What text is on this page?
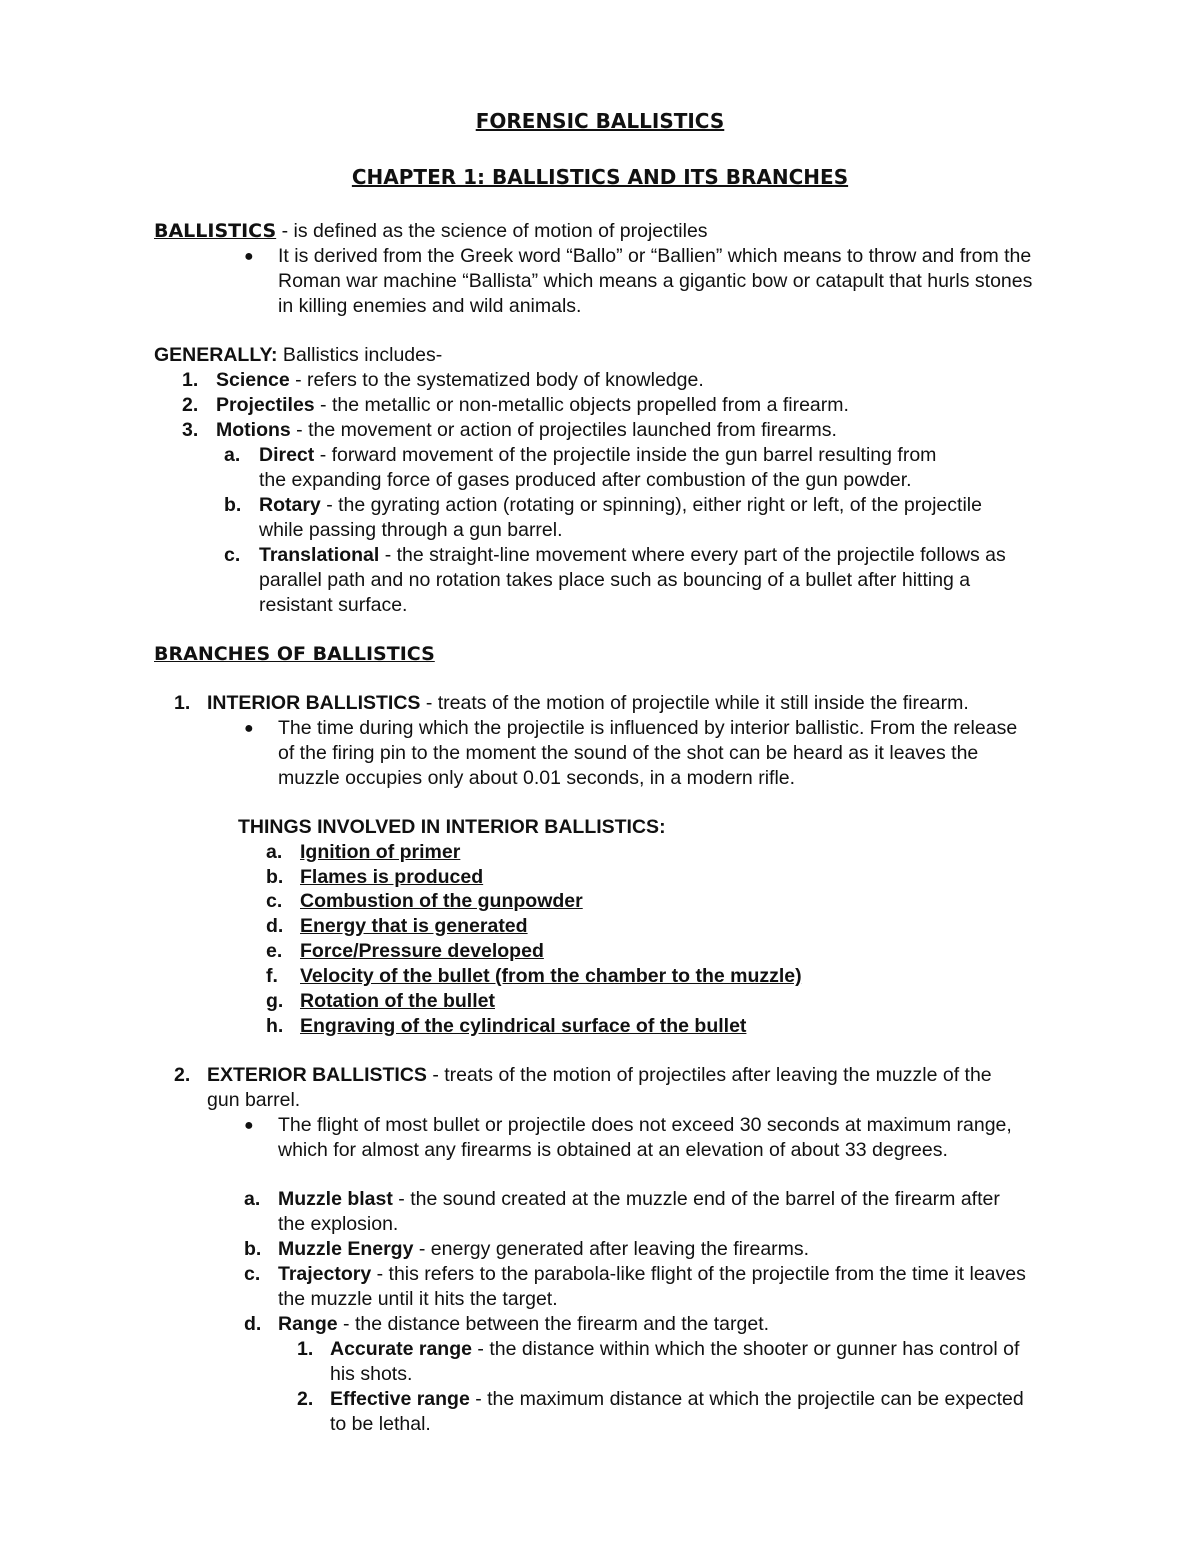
FORENSIC BALLISTICS
CHAPTER 1: BALLISTICS AND ITS BRANCHES
BALLISTICS - is defined as the science of motion of projectiles
● It is derived from the Greek word “Ballo” or “Ballien” which means to throw and from the
Roman war machine “Ballista” which means a gigantic bow or catapult that hurls stones
in killing enemies and wild animals.
GENERALLY: Ballistics includes-
1. Science - refers to the systematized body of knowledge.
2. Projectiles - the metallic or non-metallic objects propelled from a firearm.
3. Motions - the movement or action of projectiles launched from firearms.
a. Direct - forward movement of the projectile inside the gun barrel resulting from
the expanding force of gases produced after combustion of the gun powder.
b. Rotary - the gyrating action (rotating or spinning), either right or left, of the projectile
while passing through a gun barrel.
c. Translational - the straight-line movement where every part of the projectile follows as
parallel path and no rotation takes place such as bouncing of a bullet after hitting a
resistant surface.
BRANCHES OF BALLISTICS
1. INTERIOR BALLISTICS - treats of the motion of projectile while it still inside the firearm.
● The time during which the projectile is influenced by interior ballistic. From the release
of the firing pin to the moment the sound of the shot can be heard as it leaves the
muzzle occupies only about 0.01 seconds, in a modern rifle.
THINGS INVOLVED IN INTERIOR BALLISTICS:
a. Ignition of primer
b. Flames is produced
c. Combustion of the gunpowder
d. Energy that is generated
e. Force/Pressure developed
f. Velocity of the bullet (from the chamber to the muzzle)
g. Rotation of the bullet
h. Engraving of the cylindrical surface of the bullet
2. EXTERIOR BALLISTICS - treats of the motion of projectiles after leaving the muzzle of the
gun barrel.
● The flight of most bullet or projectile does not exceed 30 seconds at maximum range,
which for almost any firearms is obtained at an elevation of about 33 degrees.
a. Muzzle blast - the sound created at the muzzle end of the barrel of the firearm after
the explosion.
b. Muzzle Energy - energy generated after leaving the firearms.
c. Trajectory - this refers to the parabola-like flight of the projectile from the time it leaves
the muzzle until it hits the target.
d. Range - the distance between the firearm and the target.
1. Accurate range - the distance within which the shooter or gunner has control of
his shots.
2. Effective range - the maximum distance at which the projectile can be expected
to be lethal.
